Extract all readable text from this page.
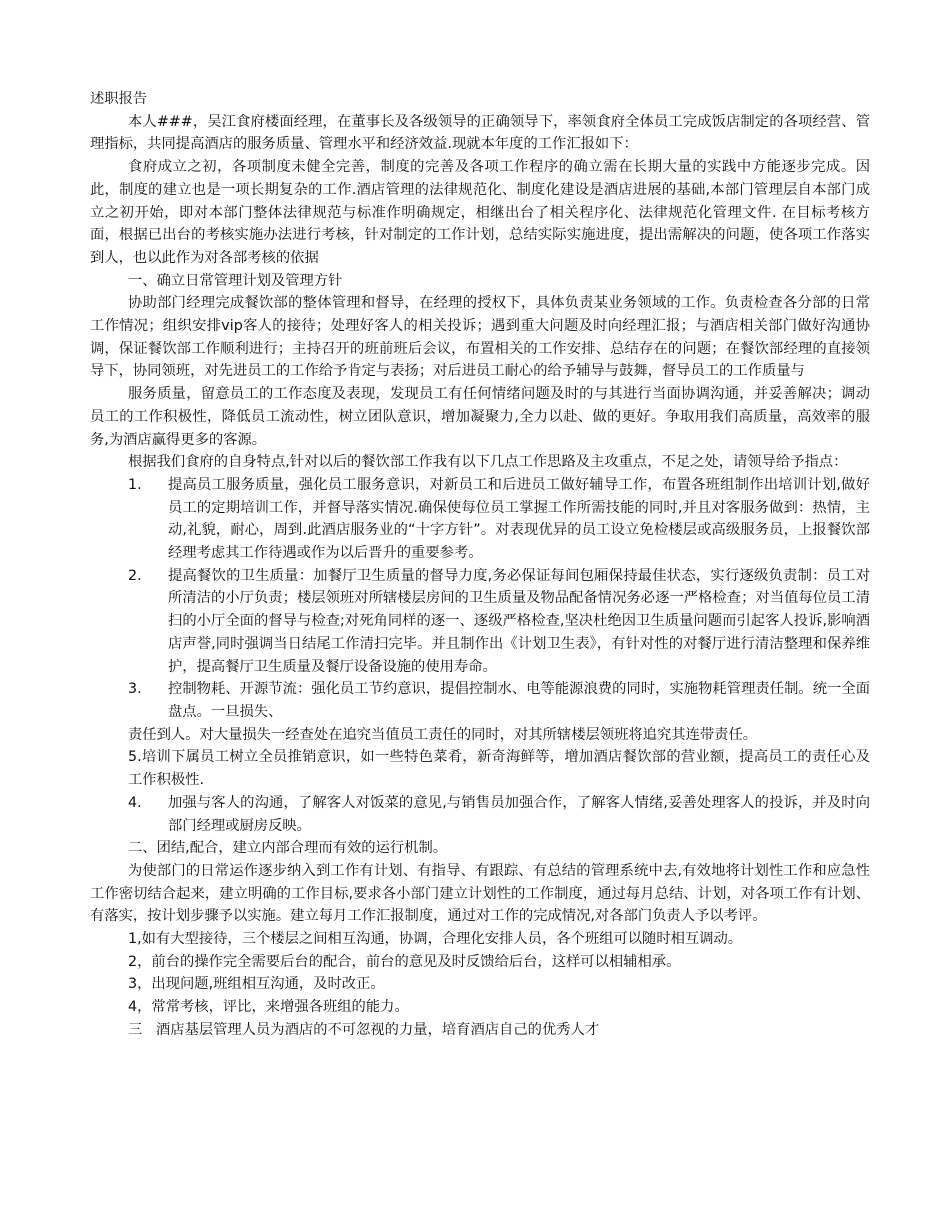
述职报告

本人###，吴江食府楼面经理，在董事长及各级领导的正确领导下，率领食府全体员工完成饭店制定的各项经营、管理指标，共同提高酒店的服务质量、管理水平和经济效益.现就本年度的工作汇报如下：

食府成立之初，各项制度未健全完善，制度的完善及各项工作程序的确立需在长期大量的实践中方能逐步完成。因此，制度的建立也是一项长期复杂的工作.酒店管理的法律规范化、制度化建设是酒店进展的基础,本部门管理层自本部门成立之初开始，即对本部门整体法律规范与标准作明确规定，相继出台了相关程序化、法律规范化管理文件. 在目标考核方面，根据已出台的考核实施办法进行考核，针对制定的工作计划，总结实际实施进度，提出需解决的问题，使各项工作落实到人，也以此作为对各部考核的依据

一、确立日常管理计划及管理方针

协助部门经理完成餐饮部的整体管理和督导，在经理的授权下，具体负责某业务领域的工作。负责检查各分部的日常工作情况；组织安排vip客人的接待；处理好客人的相关投诉；遇到重大问题及时向经理汇报；与酒店相关部门做好沟通协调，保证餐饮部工作顺利进行；主持召开的班前班后会议，布置相关的工作安排、总结存在的问题；在餐饮部经理的直接领导下，协同领班，对先进员工的工作给予肯定与表扬；对后进员工耐心的给予辅导与鼓舞，督导员工的工作质量与

服务质量，留意员工的工作态度及表现，发现员工有任何情绪问题及时的与其进行当面协调沟通，并妥善解决；调动员工的工作积极性，降低员工流动性，树立团队意识，增加凝聚力,全力以赴、做的更好。争取用我们高质量，高效率的服务,为酒店赢得更多的客源。

根据我们食府的自身特点,针对以后的餐饮部工作我有以下几点工作思路及主攻重点，不足之处，请领导给予指点：

1.	提高员工服务质量，强化员工服务意识，对新员工和后进员工做好辅导工作，布置各班组制作出培训计划,做好员工的定期培训工作，并督导落实情况.确保使每位员工掌握工作所需技能的同时,并且对客服务做到：热情，主动,礼貌，耐心，周到.此酒店服务业的“十字方针”。对表现优异的员工设立免检楼层或高级服务员，上报餐饮部经理考虑其工作待遇或作为以后晋升的重要参考。
2.	提高餐饮的卫生质量：加餐厅卫生质量的督导力度,务必保证每间包厢保持最佳状态，实行逐级负责制：员工对所清洁的小厅负责；楼层领班对所辖楼层房间的卫生质量及物品配备情况务必逐一严格检查；对当值每位员工清扫的小厅全面的督导与检查;对死角同样的逐一、逐级严格检查,坚决杜绝因卫生质量问题而引起客人投诉,影响酒店声誉,同时强调当日结尾工作清扫完毕。并且制作出《计划卫生表》，有针对性的对餐厅进行清洁整理和保养维护，提高餐厅卫生质量及餐厅设备设施的使用寿命。
3.	控制物耗、开源节流：强化员工节约意识，提倡控制水、电等能源浪费的同时，实施物耗管理责任制。统一全面盘点。一旦损失、

责任到人。对大量损失一经查处在追究当值员工责任的同时，对其所辖楼层领班将追究其连带责任。

5.培训下属员工树立全员推销意识，如一些特色菜肴，新奇海鲜等，增加酒店餐饮部的营业额，提高员工的责任心及工作积极性.

4.	加强与客人的沟通，了解客人对饭菜的意见,与销售员加强合作，了解客人情绪,妥善处理客人的投诉，并及时向部门经理或厨房反映。

二、团结,配合，建立内部合理而有效的运行机制。

为使部门的日常运作逐步纳入到工作有计划、有指导、有跟踪、有总结的管理系统中去,有效地将计划性工作和应急性工作密切结合起来，建立明确的工作目标,要求各小部门建立计划性的工作制度，通过每月总结、计划，对各项工作有计划、有落实，按计划步骤予以实施。建立每月工作汇报制度，通过对工作的完成情况,对各部门负责人予以考评。

1,如有大型接待，三个楼层之间相互沟通，协调，合理化安排人员，各个班组可以随时相互调动。

2，前台的操作完全需要后台的配合，前台的意见及时反馈给后台，这样可以相辅相承。

3，出现问题,班组相互沟通，及时改正。

4，常常考核，评比，来增强各班组的能力。

三   酒店基层管理人员为酒店的不可忽视的力量，培育酒店自己的优秀人才
